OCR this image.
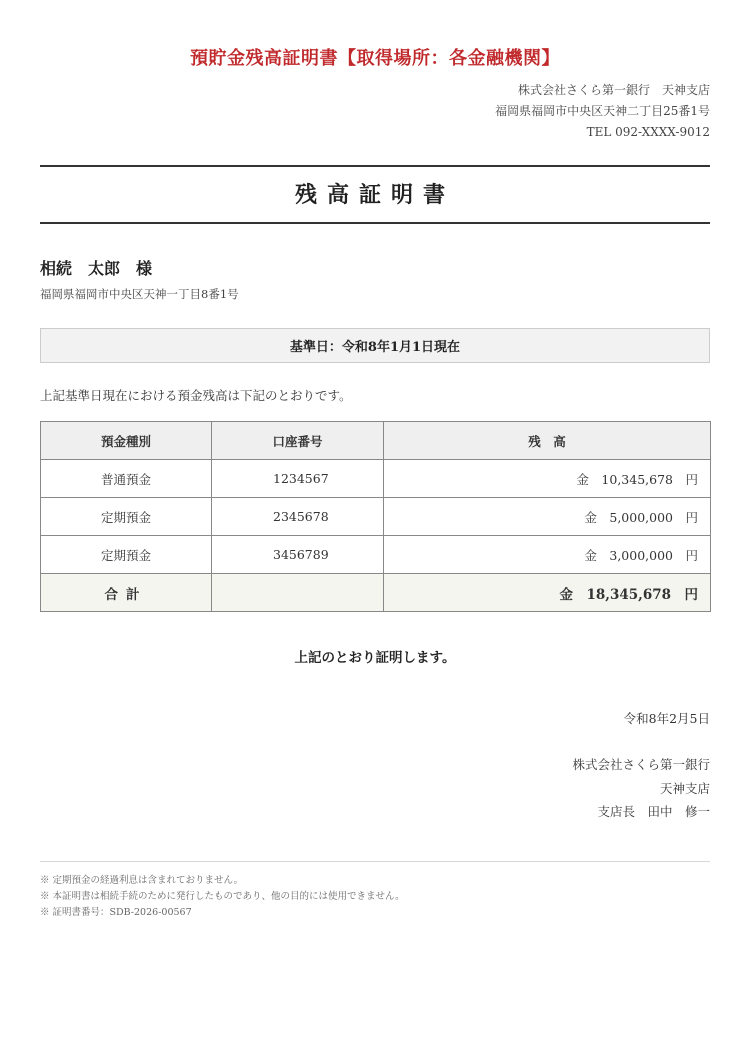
預貯金残高証明書【取得場所：各金融機関】
株式会社さくら第一銀行　天神支店
福岡県福岡市中央区天神二丁目25番1号
TEL 092-XXXX-9012
残高証明書
相続　太郎　様
福岡県福岡市中央区天神一丁目8番1号
基準日：令和8年1月1日現在
上記基準日現在における預金残高は下記のとおりです。
預金種別	口座番号	残　高
普通預金	1234567	金　10,345,678　円
定期預金	2345678	金　5,000,000　円
定期預金	3456789	金　3,000,000　円
合計		金　18,345,678　円
上記のとおり証明します。
令和8年2月5日
株式会社さくら第一銀行
天神支店
支店長　田中　修一
※ 定期預金の経過利息は含まれておりません。
※ 本証明書は相続手続のために発行したものであり、他の目的には使用できません。
※ 証明書番号：SDB-2026-00567
